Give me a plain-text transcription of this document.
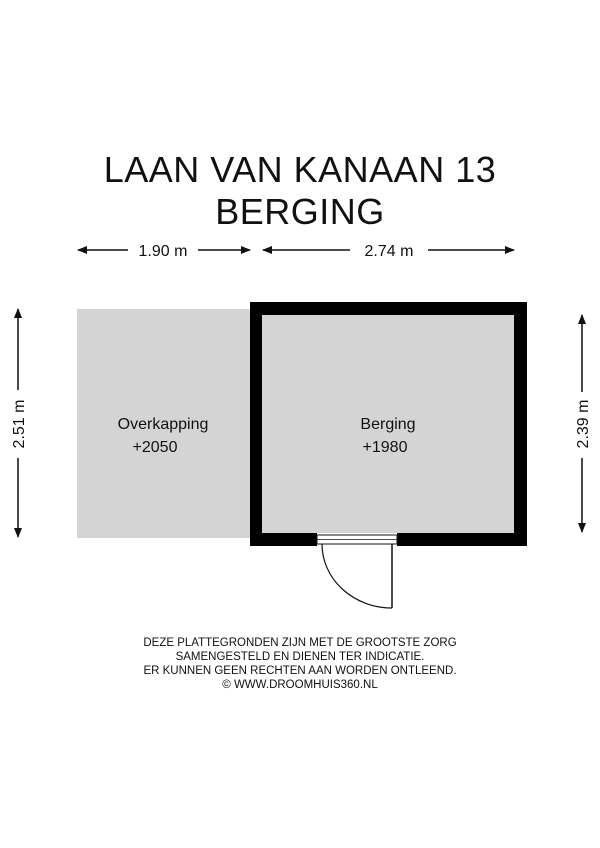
LAAN VAN KANAAN 13
BERGING
1.90 m	2.74 m
2.51 m	2.39 m
Overkapping
+2050
Berging
+1980
DEZE PLATTEGRONDEN ZIJN MET DE GROOTSTE ZORG
SAMENGESTELD EN DIENEN TER INDICATIE.
ER KUNNEN GEEN RECHTEN AAN WORDEN ONTLEEND.
© WWW.DROOMHUIS360.NL
